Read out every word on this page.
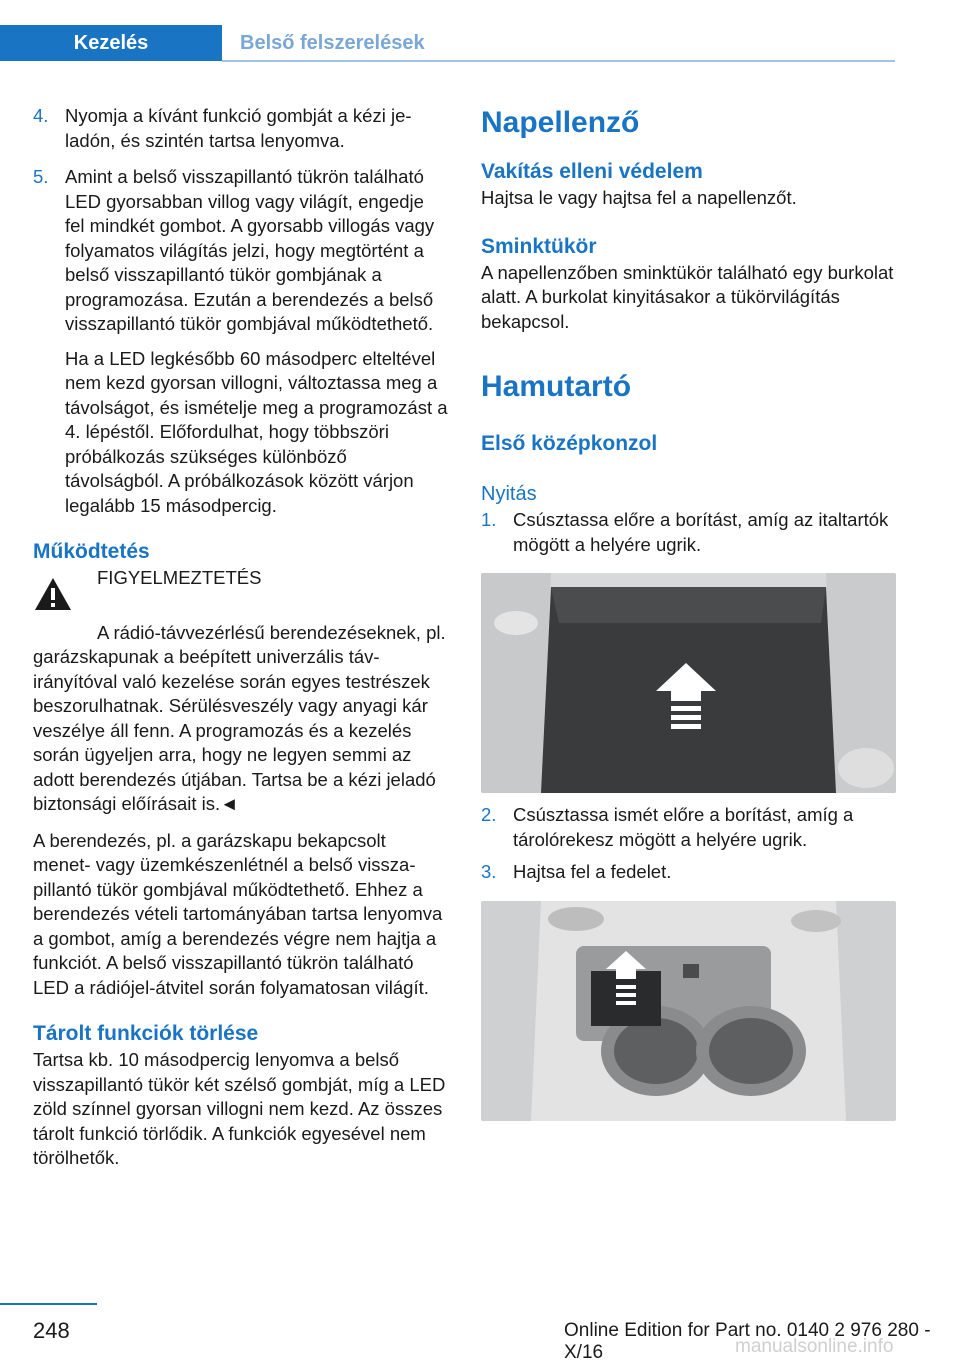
Kezelés	Belső felszerelések
4. Nyomja a kívánt funkció gombját a kézi jeladón, és szintén tartsa lenyomva.
5. Amint a belső visszapillantó tükrön található LED gyorsabban villog vagy világít, engedje fel mindkét gombot. A gyorsabb villogás vagy folyamatos világítás jelzi, hogy megtörtént a belső visszapillantó tükör gombjának a programozása. Ezután a berendezés a belső visszapillantó tükör gombjával működtethető.
Ha a LED legkésőbb 60 másodperc elteltével nem kezd gyorsan villogni, változtassa meg a távolságot, és ismételje meg a programozást a 4. lépéstől. Előfordulhat, hogy többszöri próbálkozás szükséges különböző távolságból. A próbálkozások között várjon legalább 15 másodpercig.
Működtetés
FIGYELMEZTETÉS

A rádió-távvezérlésű berendezéseknek, pl. garázskapunak a beépített univerzális távirányítóval való kezelése során egyes testrészek beszorulhatnak. Sérülésveszély vagy anyagi kár veszélye áll fenn. A programozás és a kezelés során ügyeljen arra, hogy ne legyen semmi az adott berendezés útjában. Tartsa be a kézi jeladó biztonsági előírásait is.◄

A berendezés, pl. a garázskapu bekapcsolt menet- vagy üzemkészenlétnél a belső visszapillantó tükör gombjával működtethető. Ehhez a berendezés vételi tartományában tartsa lenyomva a gombot, amíg a berendezés végre nem hajtja a funkciót. A belső visszapillantó tükrön található LED a rádiójel-átvitel során folyamatosan világít.

Tárolt funkciók törlése

Tartsa kb. 10 másodpercig lenyomva a belső visszapillantó tükör két szélső gombját, míg a LED zöld színnel gyorsan villogni nem kezd. Az összes tárolt funkció törlődik. A funkciók egyesével nem törölhetők.

Napellenző
Vakítás elleni védelem

Hajtsa le vagy hajtsa fel a napellenzőt.

Sminktükör

A napellenzőben sminktükör található egy burkolat alatt. A burkolat kinyitásakor a tükörvilágítás bekapcsol.

Hamutartó
Első középkonzol
Nyitás
1. Csúsztassa előre a borítást, amíg az italtartók mögött a helyére ugrik.
2. Csúsztassa ismét előre a borítást, amíg a tárolórekesz mögött a helyére ugrik.
3. Hajtsa fel a fedelet.
248	Online Edition for Part no. 0140 2 976 280 - X/16	manualsonline.info
